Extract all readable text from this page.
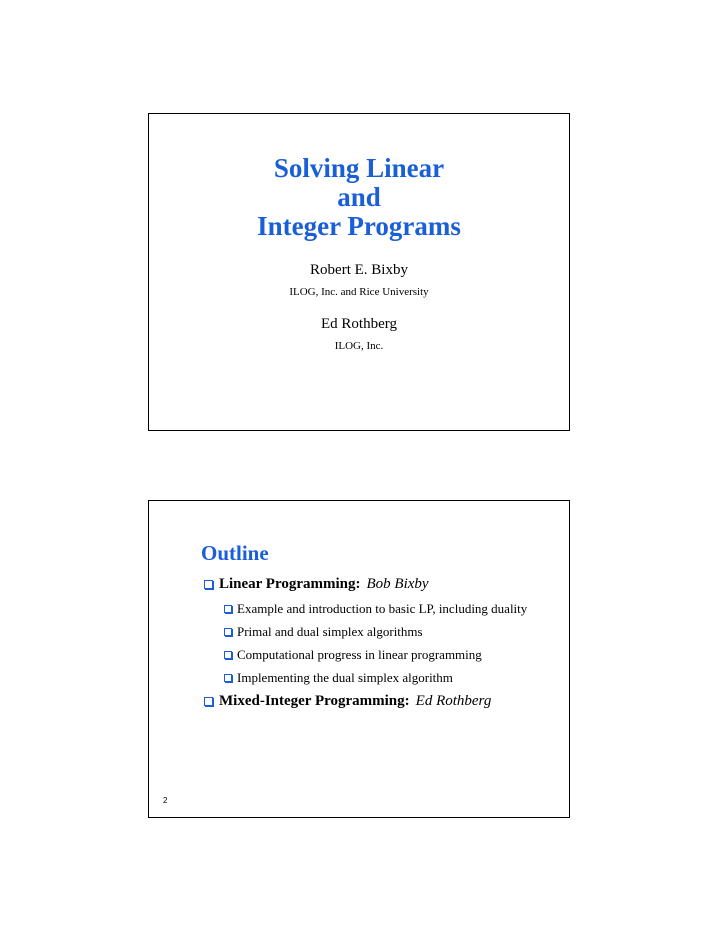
Solving Linear
and
Integer Programs
Robert E. Bixby
ILOG, Inc. and Rice University
Ed Rothberg
ILOG, Inc.
Outline
Linear Programming: Bob Bixby
Example and introduction to basic LP, including duality
Primal and dual simplex algorithms
Computational progress in linear programming
Implementing the dual simplex algorithm
Mixed-Integer Programming: Ed Rothberg
2
